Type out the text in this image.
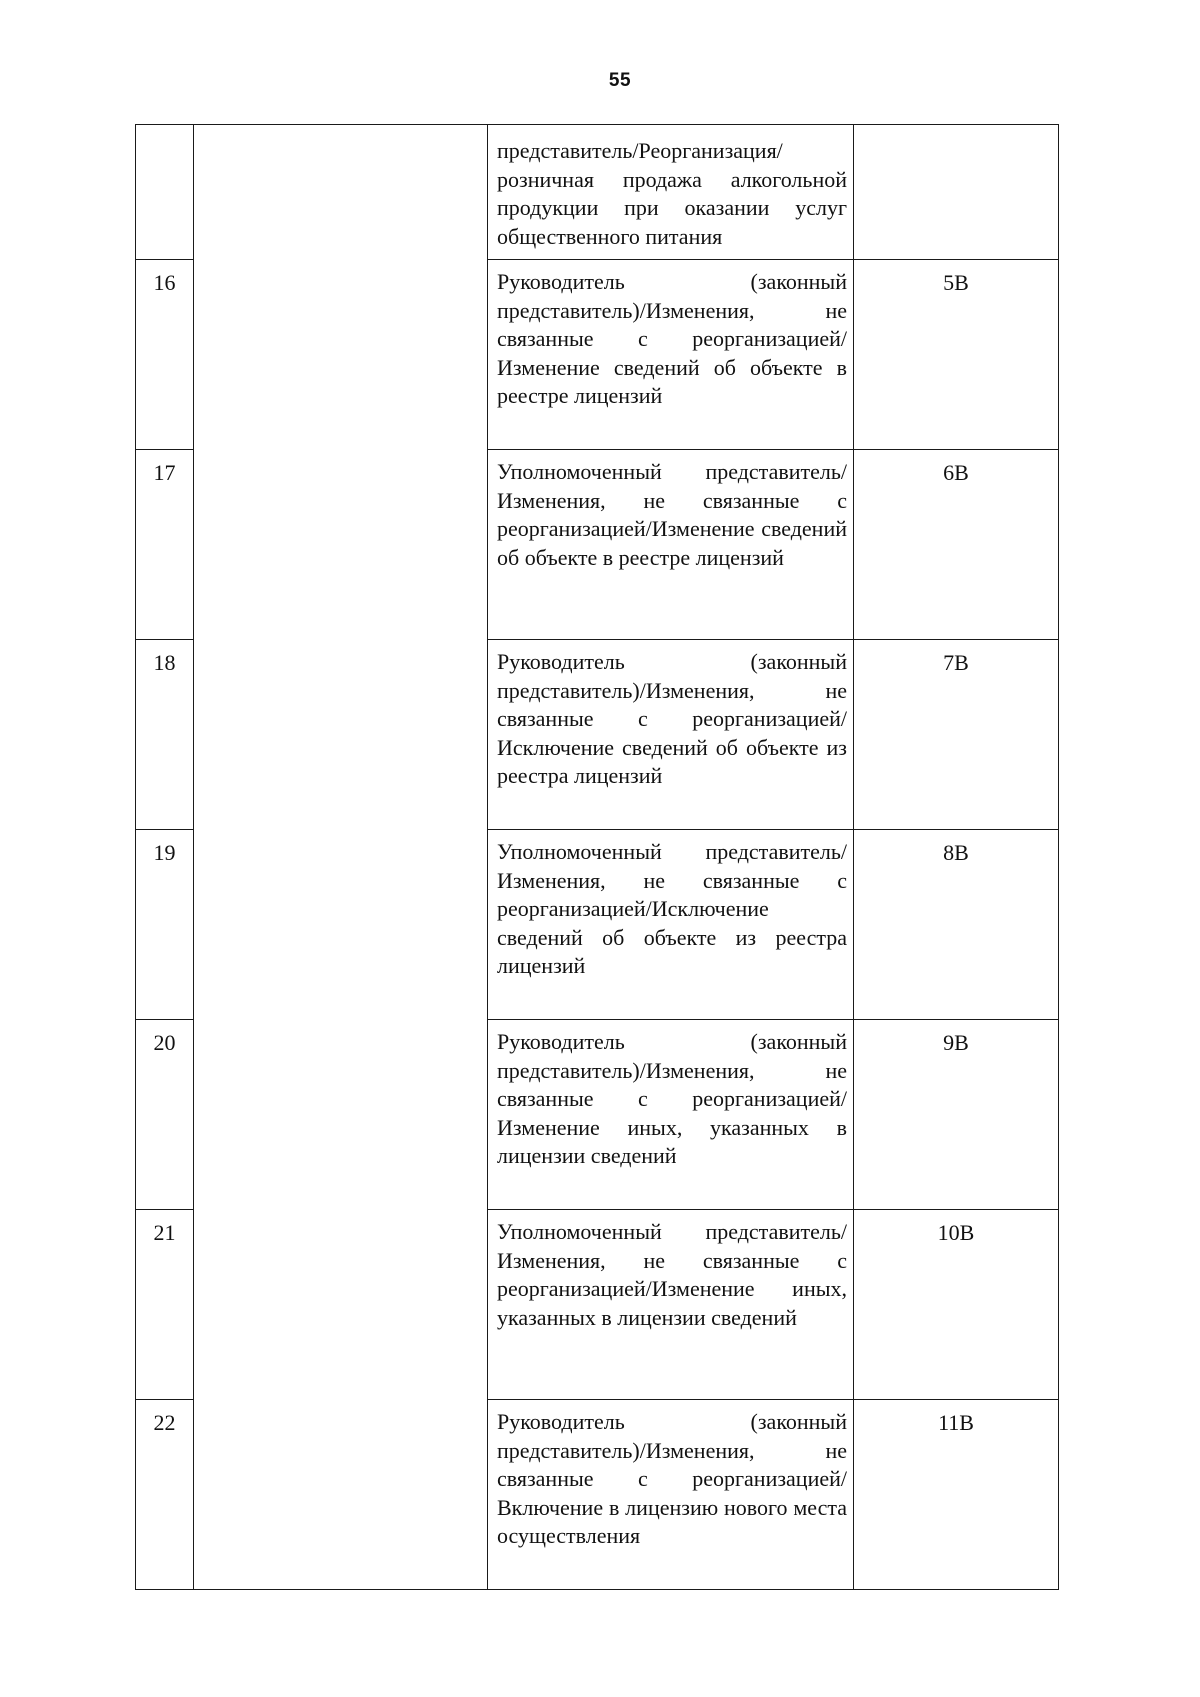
55
		представитель/Реорганизация/розничная продажа алкогольной продукции при оказании услуг общественного питания	
16		Руководитель (законный представитель)/Изменения, не связанные с реорганизацией/Изменение сведений об объекте в реестре лицензий	5В
17		Уполномоченный представитель/Изменения, не связанные с реорганизацией/Изменение сведений об объекте в реестре лицензий	6В
18		Руководитель (законный представитель)/Изменения, не связанные с реорганизацией/Исключение сведений об объекте из реестра лицензий	7В
19		Уполномоченный представитель/Изменения, не связанные с реорганизацией/Исключение сведений об объекте из реестра лицензий	8В
20		Руководитель (законный представитель)/Изменения, не связанные с реорганизацией/Изменение иных, указанных в лицензии сведений	9В
21		Уполномоченный представитель/Изменения, не связанные с реорганизацией/Изменение иных, указанных в лицензии сведений	10В
22		Руководитель (законный представитель)/Изменения, не связанные с реорганизацией/Включение в лицензию нового места осуществления	11В
